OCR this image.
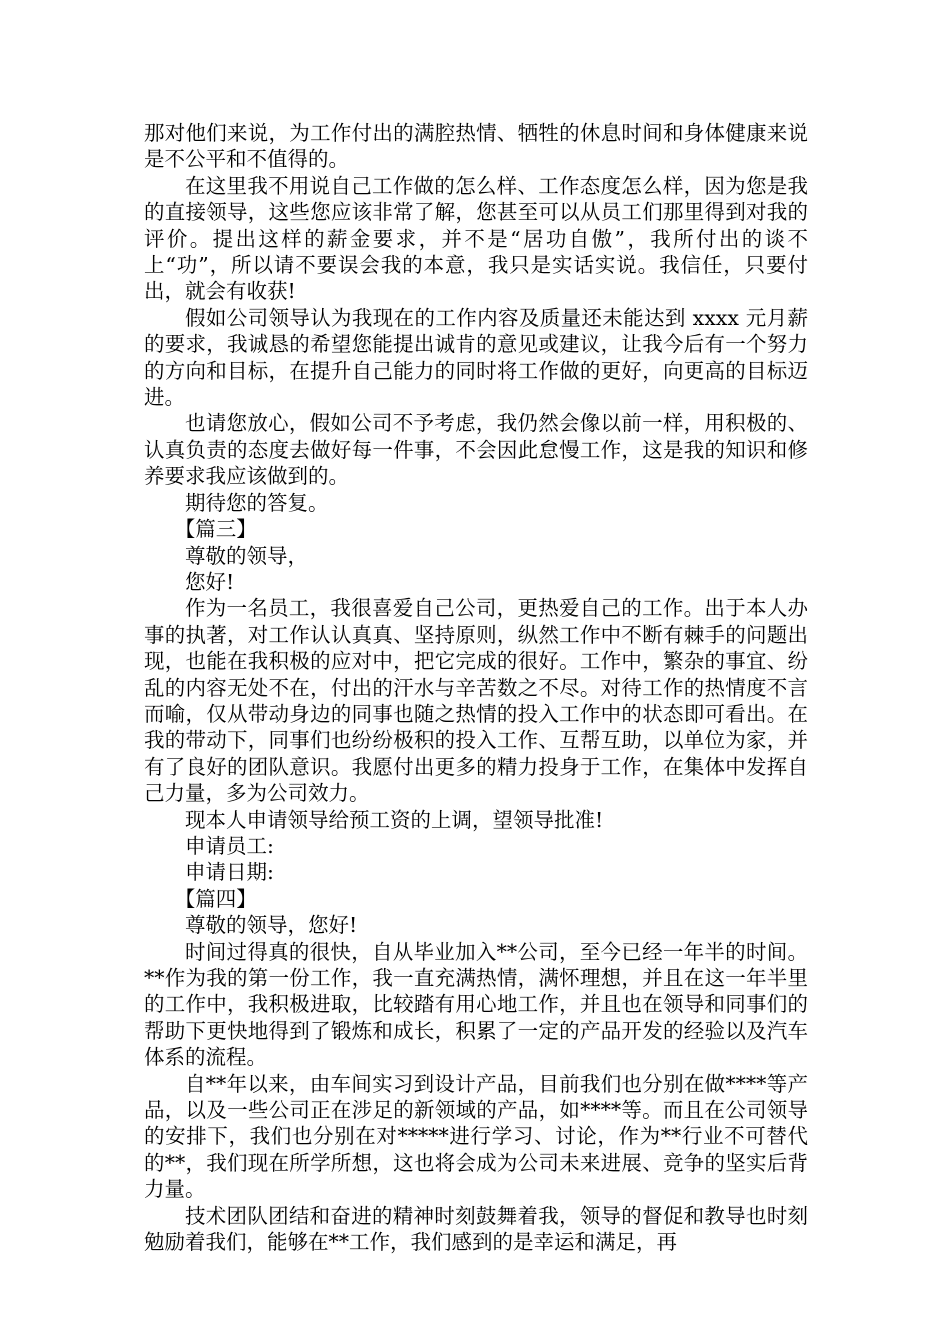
那对他们来说，为工作付出的满腔热情、牺牲的休息时间和身体健康来说是不公平和不值得的。

在这里我不用说自己工作做的怎么样、工作态度怎么样，因为您是我的直接领导，这些您应该非常了解，您甚至可以从员工们那里得到对我的评价。提出这样的薪金要求，并不是“居功自傲”，我所付出的谈不上“功”，所以请不要误会我的本意，我只是实话实说。我信任，只要付出，就会有收获!

假如公司领导认为我现在的工作内容及质量还未能达到 xxxx 元月薪的要求，我诚恳的希望您能提出诚肯的意见或建议，让我今后有一个努力的方向和目标，在提升自己能力的同时将工作做的更好，向更高的目标迈进。

也请您放心，假如公司不予考虑，我仍然会像以前一样，用积极的、认真负责的态度去做好每一件事，不会因此怠慢工作，这是我的知识和修养要求我应该做到的。

期待您的答复。

【篇三】

尊敬的领导，

您好!

作为一名员工，我很喜爱自己公司，更热爱自己的工作。出于本人办事的执著，对工作认认真真、坚持原则，纵然工作中不断有棘手的问题出现，也能在我积极的应对中，把它完成的很好。工作中，繁杂的事宜、纷乱的内容无处不在，付出的汗水与辛苦数之不尽。对待工作的热情度不言而喻，仅从带动身边的同事也随之热情的投入工作中的状态即可看出。在我的带动下，同事们也纷纷极积的投入工作、互帮互助，以单位为家，并有了良好的团队意识。我愿付出更多的精力投身于工作，在集体中发挥自己力量，多为公司效力。

现本人申请领导给预工资的上调，望领导批准!

申请员工:

申请日期:

【篇四】

尊敬的领导，您好!

时间过得真的很快，自从毕业加入**公司，至今已经一年半的时间。**作为我的第一份工作，我一直充满热情，满怀理想，并且在这一年半里的工作中，我积极进取，比较踏有用心地工作，并且也在领导和同事们的帮助下更快地得到了锻炼和成长，积累了一定的产品开发的经验以及汽车体系的流程。

自**年以来，由车间实习到设计产品，目前我们也分别在做****等产品，以及一些公司正在涉足的新领域的产品，如****等。而且在公司领导的安排下，我们也分别在对*****进行学习、讨论，作为**行业不可替代的**，我们现在所学所想，这也将会成为公司未来进展、竞争的坚实后背力量。

技术团队团结和奋进的精神时刻鼓舞着我，领导的督促和教导也时刻勉励着我们，能够在**工作，我们感到的是幸运和满足，再
